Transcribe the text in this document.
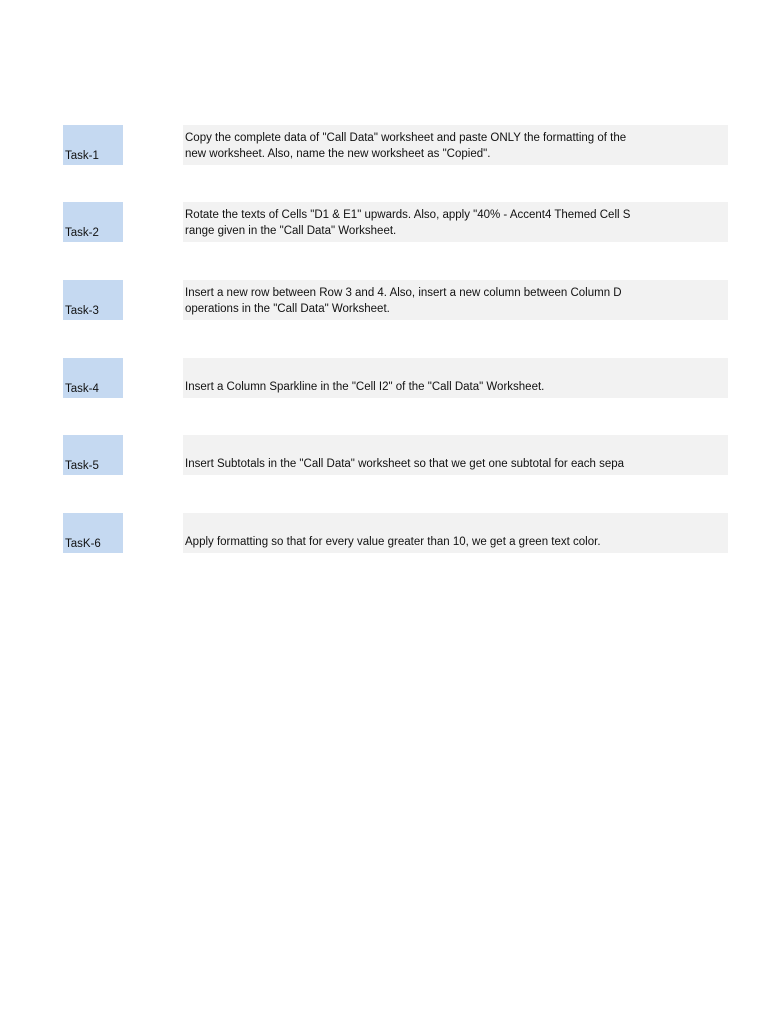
Task-1
Copy the complete data of "Call Data" worksheet and paste ONLY the formatting of the
new worksheet. Also, name the new worksheet as "Copied".
Task-2
Rotate the texts of Cells "D1 & E1" upwards. Also, apply "40% - Accent4 Themed Cell S
range given in the "Call Data" Worksheet.
Task-3
Insert a new row between Row 3 and 4. Also, insert a new column between Column D
operations in the "Call Data" Worksheet.
Task-4	Insert a Column Sparkline in the "Cell I2" of the "Call Data" Worksheet.
Task-5	Insert Subtotals in the "Call Data" worksheet so that we get one subtotal for each sepa
TasK-6	Apply formatting so that for every value greater than 10, we get a green text color.
